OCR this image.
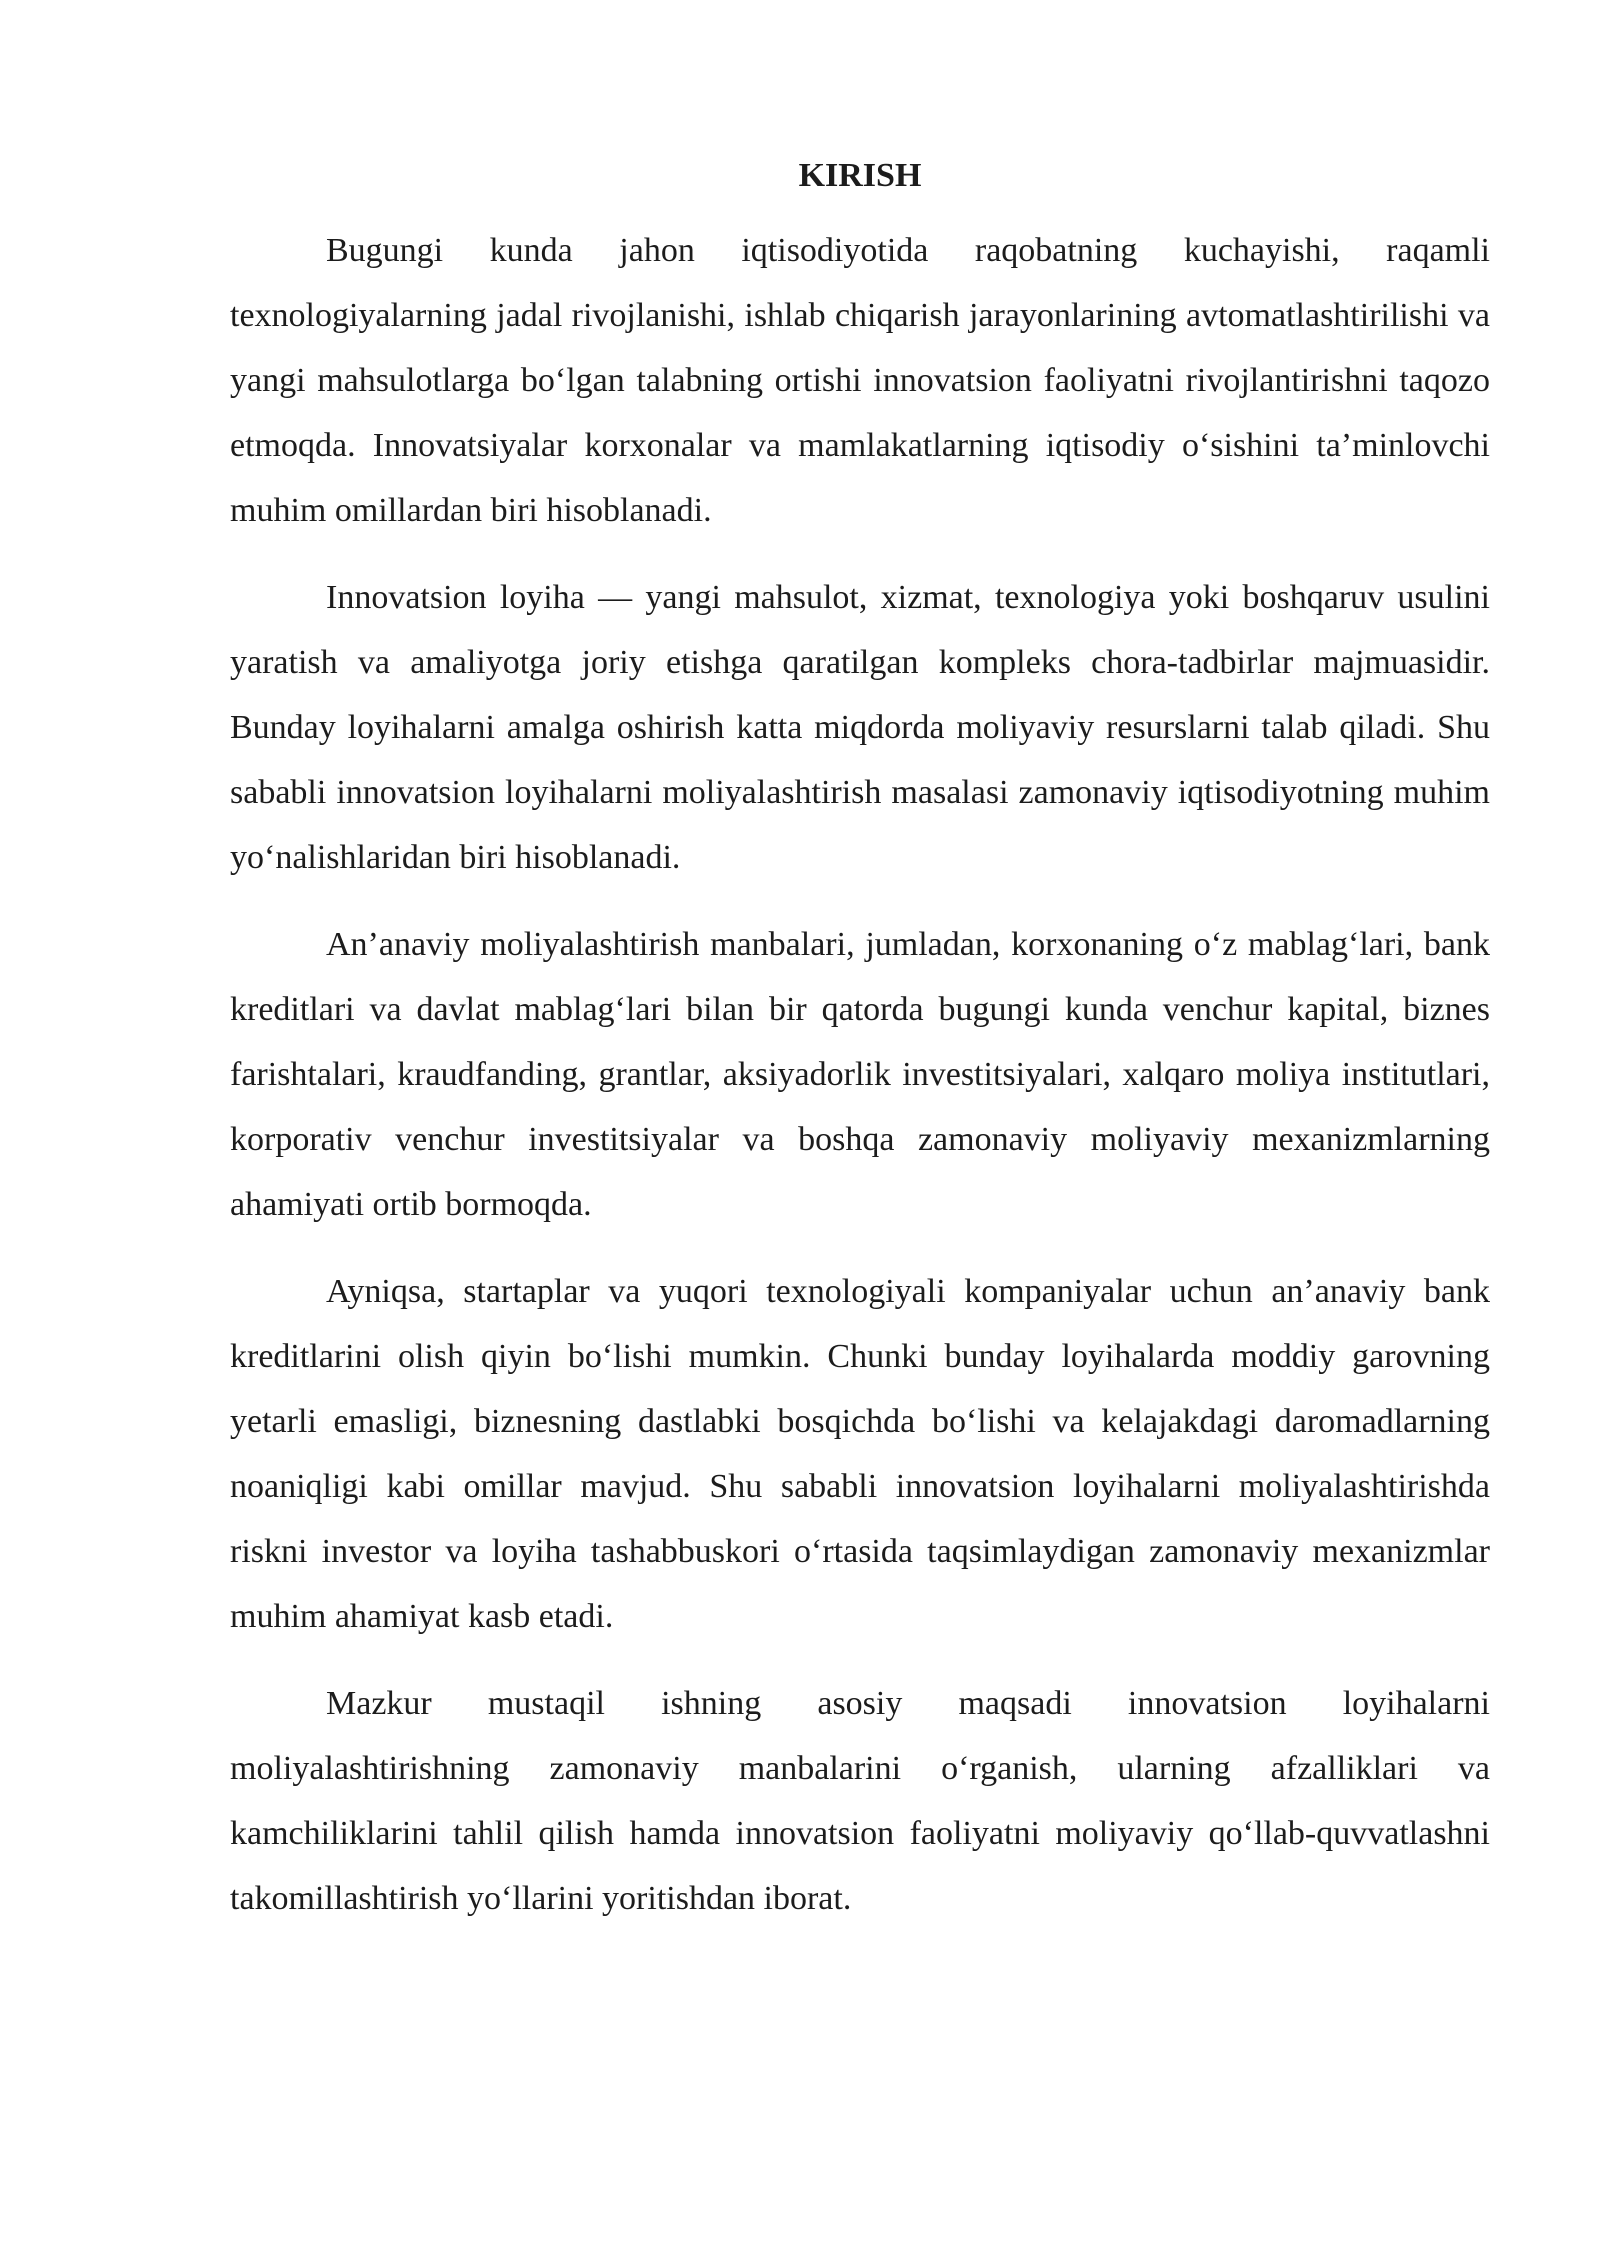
KIRISH

Bugungi kunda jahon iqtisodiyotida raqobatning kuchayishi, raqamli texnologiyalarning jadal rivojlanishi, ishlab chiqarish jarayonlarining avtomatlashtirilishi va yangi mahsulotlarga bo‘lgan talabning ortishi innovatsion faoliyatni rivojlantirishni taqozo etmoqda. Innovatsiyalar korxonalar va mamlakatlarning iqtisodiy o‘sishini ta’minlovchi muhim omillardan biri hisoblanadi.

Innovatsion loyiha — yangi mahsulot, xizmat, texnologiya yoki boshqaruv usulini yaratish va amaliyotga joriy etishga qaratilgan kompleks chora-tadbirlar majmuasidir. Bunday loyihalarni amalga oshirish katta miqdorda moliyaviy resurslarni talab qiladi. Shu sababli innovatsion loyihalarni moliyalashtirish masalasi zamonaviy iqtisodiyotning muhim yo‘nalishlaridan biri hisoblanadi.

An’anaviy moliyalashtirish manbalari, jumladan, korxonaning o‘z mablag‘lari, bank kreditlari va davlat mablag‘lari bilan bir qatorda bugungi kunda venchur kapital, biznes farishtalari, kraudfanding, grantlar, aksiyadorlik investitsiyalari, xalqaro moliya institutlari, korporativ venchur investitsiyalar va boshqa zamonaviy moliyaviy mexanizmlarning ahamiyati ortib bormoqda.

Ayniqsa, startaplar va yuqori texnologiyali kompaniyalar uchun an’anaviy bank kreditlarini olish qiyin bo‘lishi mumkin. Chunki bunday loyihalarda moddiy garovning yetarli emasligi, biznesning dastlabki bosqichda bo‘lishi va kelajakdagi daromadlarning noaniqligi kabi omillar mavjud. Shu sababli innovatsion loyihalarni moliyalashtirishda riskni investor va loyiha tashabbuskori o‘rtasida taqsimlaydigan zamonaviy mexanizmlar muhim ahamiyat kasb etadi.

Mazkur mustaqil ishning asosiy maqsadi innovatsion loyihalarni moliyalashtirishning zamonaviy manbalarini o‘rganish, ularning afzalliklari va kamchiliklarini tahlil qilish hamda innovatsion faoliyatni moliyaviy qo‘llab-quvvatlashni takomillashtirish yo‘llarini yoritishdan iborat.
